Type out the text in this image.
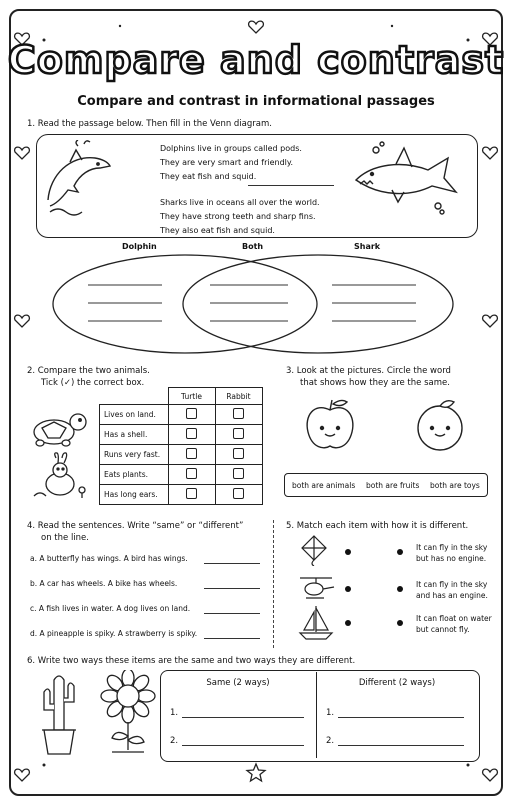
Compare and contrast
Compare and contrast in informational passages
1. Read the passage below. Then fill in the Venn diagram.
Dolphins live in groups called pods.
They are very smart and friendly.
They eat fish and squid.
Sharks live in oceans all over the world.
They have strong teeth and sharp fins.
They also eat fish and squid.
Dolphin	Both	Shark
2. Compare the two animals.
Tick (✓) the correct box.
	Turtle	Rabbit
Lives on land.		
Has a shell.		
Runs very fast.		
Eats plants.		
Has long ears.		
3. Look at the pictures. Circle the word
that shows how they are the same.
both are animals both are fruits both are toys
4. Read the sentences. Write “same” or “different”
on the line.
a. A butterfly has wings. A bird has wings.
b. A car has wheels. A bike has wheels.
c. A fish lives in water. A dog lives on land.
d. A pineapple is spiky. A strawberry is spiky.
5. Match each item with how it is different.
It can fly in the sky
but has no engine.
It can fly in the sky
and has an engine.
It can float on water
but cannot fly.
6. Write two ways these items are the same and two ways they are different.
Same (2 ways)	Different (2 ways)
1.
2.
1.
2.
